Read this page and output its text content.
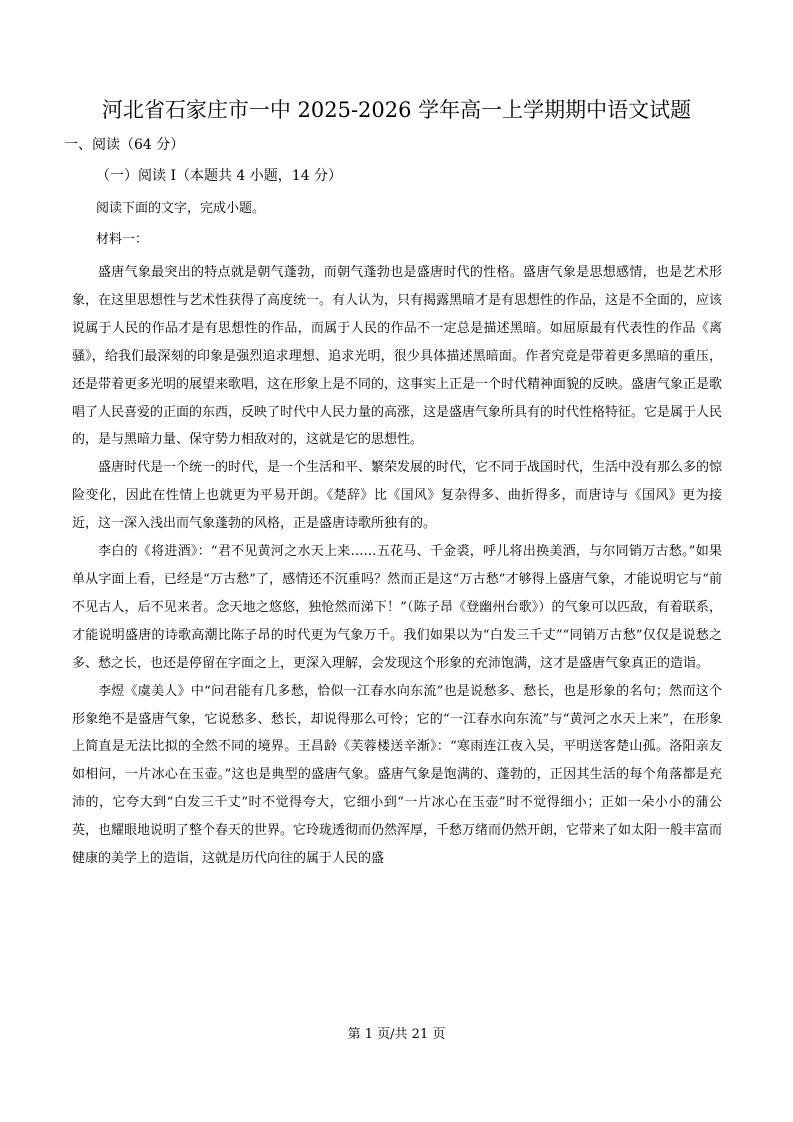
河北省石家庄市一中 2025-2026 学年高一上学期期中语文试题

一、阅读（64 分）

（一）阅读 I（本题共 4 小题，14 分）

阅读下面的文字，完成小题。

材料一：

盛唐气象最突出的特点就是朝气蓬勃，而朝气蓬勃也是盛唐时代的性格。盛唐气象是思想感情，也是艺术形象，在这里思想性与艺术性获得了高度统一。有人认为，只有揭露黑暗才是有思想性的作品，这是不全面的，应该说属于人民的作品才是有思想性的作品，而属于人民的作品不一定总是描述黑暗。如屈原最有代表性的作品《离骚》，给我们最深刻的印象是强烈追求理想、追求光明，很少具体描述黑暗面。作者究竟是带着更多黑暗的重压，还是带着更多光明的展望来歌唱，这在形象上是不同的，这事实上正是一个时代精神面貌的反映。盛唐气象正是歌唱了人民喜爱的正面的东西，反映了时代中人民力量的高涨，这是盛唐气象所具有的时代性格特征。它是属于人民的，是与黑暗力量、保守势力相敌对的，这就是它的思想性。

盛唐时代是一个统一的时代，是一个生活和平、繁荣发展的时代，它不同于战国时代，生活中没有那么多的惊险变化，因此在性情上也就更为平易开朗。《楚辞》比《国风》复杂得多、曲折得多，而唐诗与《国风》更为接近，这一深入浅出而气象蓬勃的风格，正是盛唐诗歌所独有的。

李白的《将进酒》：“君不见黄河之水天上来……五花马、千金裘，呼儿将出换美酒，与尔同销万古愁。”如果单从字面上看，已经是“万古愁”了，感情还不沉重吗？然而正是这“万古愁”才够得上盛唐气象，才能说明它与“前不见古人，后不见来者。念天地之悠悠，独怆然而涕下！”（陈子昂《登幽州台歌》）的气象可以匹敌，有着联系，才能说明盛唐的诗歌高潮比陈子昂的时代更为气象万千。我们如果以为“白发三千丈”“同销万古愁”仅仅是说愁之多、愁之长，也还是停留在字面之上，更深入理解，会发现这个形象的充沛饱满，这才是盛唐气象真正的造诣。

李煜《虞美人》中“问君能有几多愁，恰似一江春水向东流”也是说愁多、愁长，也是形象的名句；然而这个形象绝不是盛唐气象，它说愁多、愁长，却说得那么可怜；它的“一江春水向东流”与“黄河之水天上来”，在形象上简直是无法比拟的全然不同的境界。王昌龄《芙蓉楼送辛渐》：“寒雨连江夜入吴，平明送客楚山孤。洛阳亲友如相问，一片冰心在玉壶。”这也是典型的盛唐气象。盛唐气象是饱满的、蓬勃的，正因其生活的每个角落都是充沛的，它夸大到“白发三千丈”时不觉得夸大，它细小到“一片冰心在玉壶”时不觉得细小；正如一朵小小的蒲公英，也耀眼地说明了整个春天的世界。它玲珑透彻而仍然浑厚，千愁万绪而仍然开朗，它带来了如太阳一般丰富而健康的美学上的造诣，这就是历代向往的属于人民的盛

第 1 页/共 21 页
